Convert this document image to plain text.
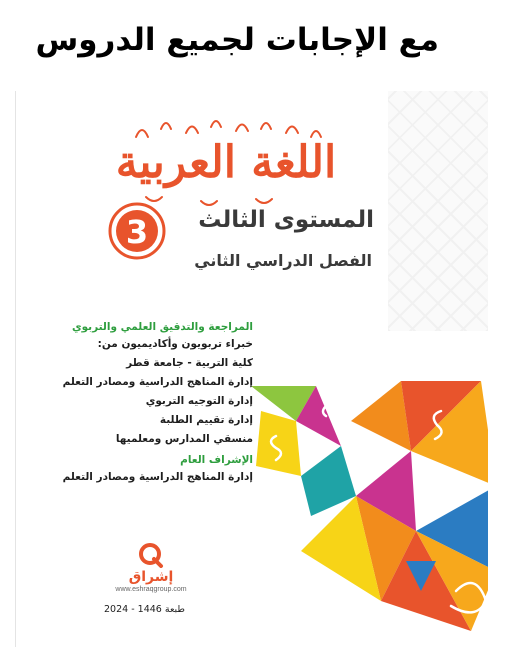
مع الإجابات لجميع الدروس
اللغة العربية
3 المستوى الثالث
الفصل الدراسي الثاني
المراجعة والتدقيق العلمي والتربوي
خبراء تربويون وأكاديميون من:
كلية التربية - جامعة قطر
إدارة المناهج الدراسية ومصادر التعلم
إدارة التوجيه التربوي
إدارة تقييم الطلبة
منسقي المدارس ومعلميها
الإشراف العام
إدارة المناهج الدراسية ومصادر التعلم
إشراق
www.eshraqgroup.com
طبعة 1446 - 2024
